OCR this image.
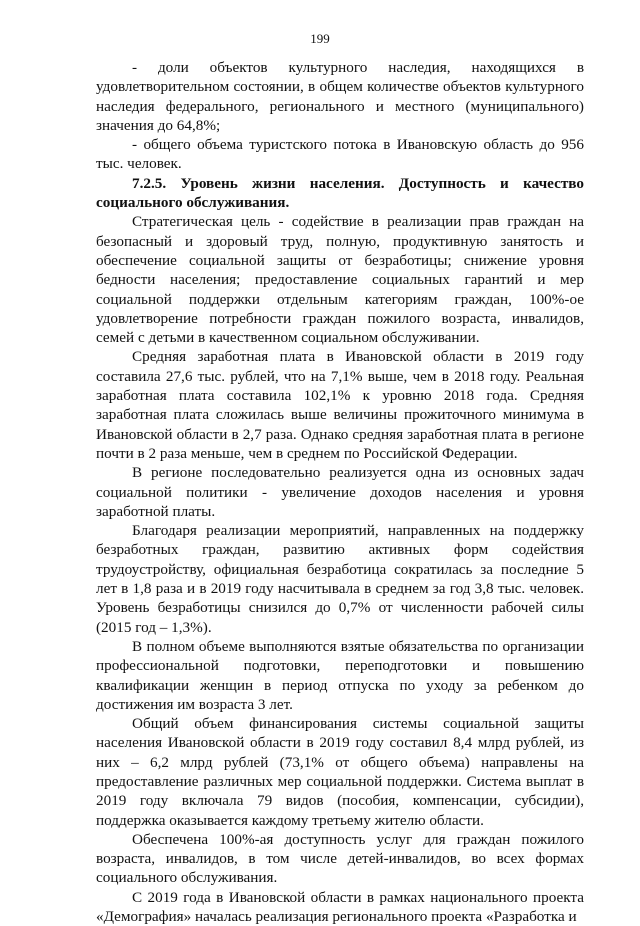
199

- доли объектов культурного наследия, находящихся в удовлетворительном состоянии, в общем количестве объектов культурного наследия федерального, регионального и местного (муниципального) значения до 64,8%;

- общего объема туристского потока в Ивановскую область до 956 тыс. человек.

7.2.5. Уровень жизни населения. Доступность и качество социального обслуживания.

Стратегическая цель - содействие в реализации прав граждан на безопасный и здоровый труд, полную, продуктивную занятость и обеспечение социальной защиты от безработицы; снижение уровня бедности населения; предоставление социальных гарантий и мер социальной поддержки отдельным категориям граждан, 100%-ое удовлетворение потребности граждан пожилого возраста, инвалидов, семей с детьми в качественном социальном обслуживании.

Средняя заработная плата в Ивановской области в 2019 году составила 27,6 тыс. рублей, что на 7,1% выше, чем в 2018 году. Реальная заработная плата составила 102,1% к уровню 2018 года. Средняя заработная плата сложилась выше величины прожиточного минимума в Ивановской области в 2,7 раза. Однако средняя заработная плата в регионе почти в 2 раза меньше, чем в среднем по Российской Федерации.

В регионе последовательно реализуется одна из основных задач социальной политики - увеличение доходов населения и уровня заработной платы.

Благодаря реализации мероприятий, направленных на поддержку безработных граждан, развитию активных форм содействия трудоустройству, официальная безработица сократилась за последние 5 лет в 1,8 раза и в 2019 году насчитывала в среднем за год 3,8 тыс. человек. Уровень безработицы снизился до 0,7% от численности рабочей силы (2015 год – 1,3%).

В полном объеме выполняются взятые обязательства по организации профессиональной подготовки, переподготовки и повышению квалификации женщин в период отпуска по уходу за ребенком до достижения им возраста 3 лет.

Общий объем финансирования системы социальной защиты населения Ивановской области в 2019 году составил 8,4 млрд рублей, из них – 6,2 млрд рублей (73,1% от общего объема) направлены на предоставление различных мер социальной поддержки. Система выплат в 2019 году включала 79 видов (пособия, компенсации, субсидии), поддержка оказывается каждому третьему жителю области.

Обеспечена 100%-ая доступность услуг для граждан пожилого возраста, инвалидов, в том числе детей-инвалидов, во всех формах социального обслуживания.

С 2019 года в Ивановской области в рамках национального проекта «Демография» началась реализация регионального проекта «Разработка и
